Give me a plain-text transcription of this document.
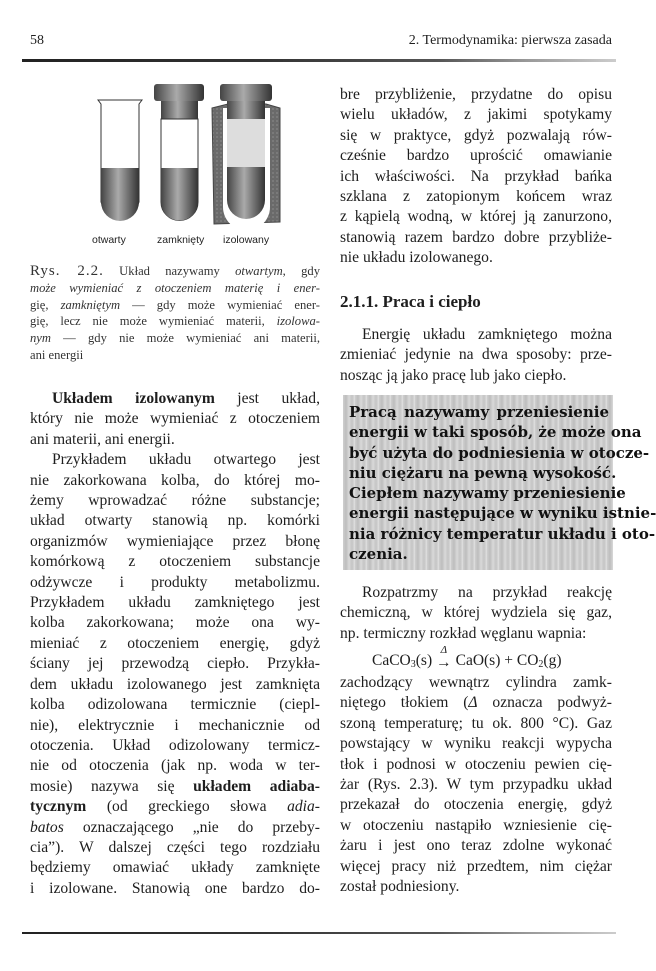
58	2. Termodynamika: pierwsza zasada
otwarty	zamknięty izolowany
Rys. 2.2. Układ nazywamy otwartym, gdy
może wymieniać z otoczeniem materię i ener-
gię, zamkniętym — gdy może wymieniać ener-
gię, lecz nie może wymieniać materii, izolowa-
nym — gdy nie może wymieniać ani materii,
ani energii
Układem izolowanym jest układ,
który nie może wymieniać z otoczeniem
ani materii, ani energii.
Przykładem układu otwartego jest
nie zakorkowana kolba, do której mo-
żemy wprowadzać różne substancje;
układ otwarty stanowią np. komórki
organizmów wymieniające przez błonę
komórkową z otoczeniem substancje
odżywcze i produkty metabolizmu.
Przykładem układu zamkniętego jest
kolba zakorkowana; może ona wy-
mieniać z otoczeniem energię, gdyż
ściany jej przewodzą ciepło. Przykła-
dem układu izolowanego jest zamknięta
kolba odizolowana termicznie (ciepl-
nie), elektrycznie i mechanicznie od
otoczenia. Układ odizolowany termicz-
nie od otoczenia (jak np. woda w ter-
mosie) nazywa się układem adiaba-
tycznym (od greckiego słowa adia-
batos oznaczającego „nie do przeby-
cia”). W dalszej części tego rozdziału
będziemy omawiać układy zamknięte
i izolowane. Stanowią one bardzo do-
bre przybliżenie, przydatne do opisu
wielu układów, z jakimi spotykamy
się w praktyce, gdyż pozwalają rów-
cześnie bardzo uprościć omawianie
ich właściwości. Na przykład bańka
szklana z zatopionym końcem wraz
z kąpielą wodną, w której ją zanurzono,
stanowią razem bardzo dobre przybliże-
nie układu izolowanego.
2.1.1. Praca i ciepło
Energię układu zamkniętego można
zmieniać jedynie na dwa sposoby: prze-
nosząc ją jako pracę lub jako ciepło.
Pracą nazywamy przeniesienie
energii w taki sposób, że może ona
być użyta do podniesienia w otocze-
niu ciężaru na pewną wysokość.
Ciepłem nazywamy przeniesienie
energii następujące w wyniku istnie-
nia różnicy temperatur układu i oto-
czenia.
Rozpatrzmy na przykład reakcję
chemiczną, w której wydziela się gaz,
np. termiczny rozkład węglanu wapnia:
CaCO$_3$ (s)
Δ
→ $CaO(s) + CO_2$ (g)
zachodzący wewnątrz cylindra zamk-
niętego tłokiem (Δ oznacza podwyż-
szoną temperaturę; tu ok. 800 °C). Gaz
powstający w wyniku reakcji wypycha
tłok i podnosi w otoczeniu pewien cię-
żar (Rys. 2.3). W tym przypadku układ
przekazał do otoczenia energię, gdyż
w otoczeniu nastąpiło wzniesienie cię-
żaru i jest ono teraz zdolne wykonać
więcej pracy niż przedtem, nim ciężar
został podniesiony.
